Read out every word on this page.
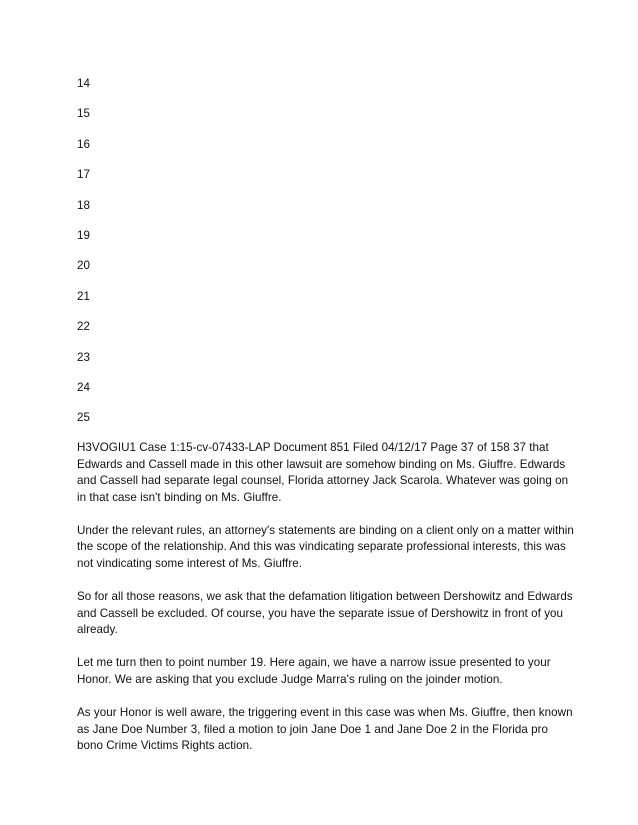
14
15
16
17
18
19
20
21
22
23
24
25

H3VOGIU1 Case 1:15-cv-07433-LAP Document 851 Filed 04/12/17 Page 37 of 158 37 that Edwards and Cassell made in this other lawsuit are somehow binding on Ms. Giuffre. Edwards and Cassell had separate legal counsel, Florida attorney Jack Scarola. Whatever was going on in that case isn't binding on Ms. Giuffre.

Under the relevant rules, an attorney's statements are binding on a client only on a matter within the scope of the relationship. And this was vindicating separate professional interests, this was not vindicating some interest of Ms. Giuffre.

So for all those reasons, we ask that the defamation litigation between Dershowitz and Edwards and Cassell be excluded. Of course, you have the separate issue of Dershowitz in front of you already.

Let me turn then to point number 19. Here again, we have a narrow issue presented to your Honor. We are asking that you exclude Judge Marra's ruling on the joinder motion.

As your Honor is well aware, the triggering event in this case was when Ms. Giuffre, then known as Jane Doe Number 3, filed a motion to join Jane Doe 1 and Jane Doe 2 in the Florida pro bono Crime Victims Rights action.
